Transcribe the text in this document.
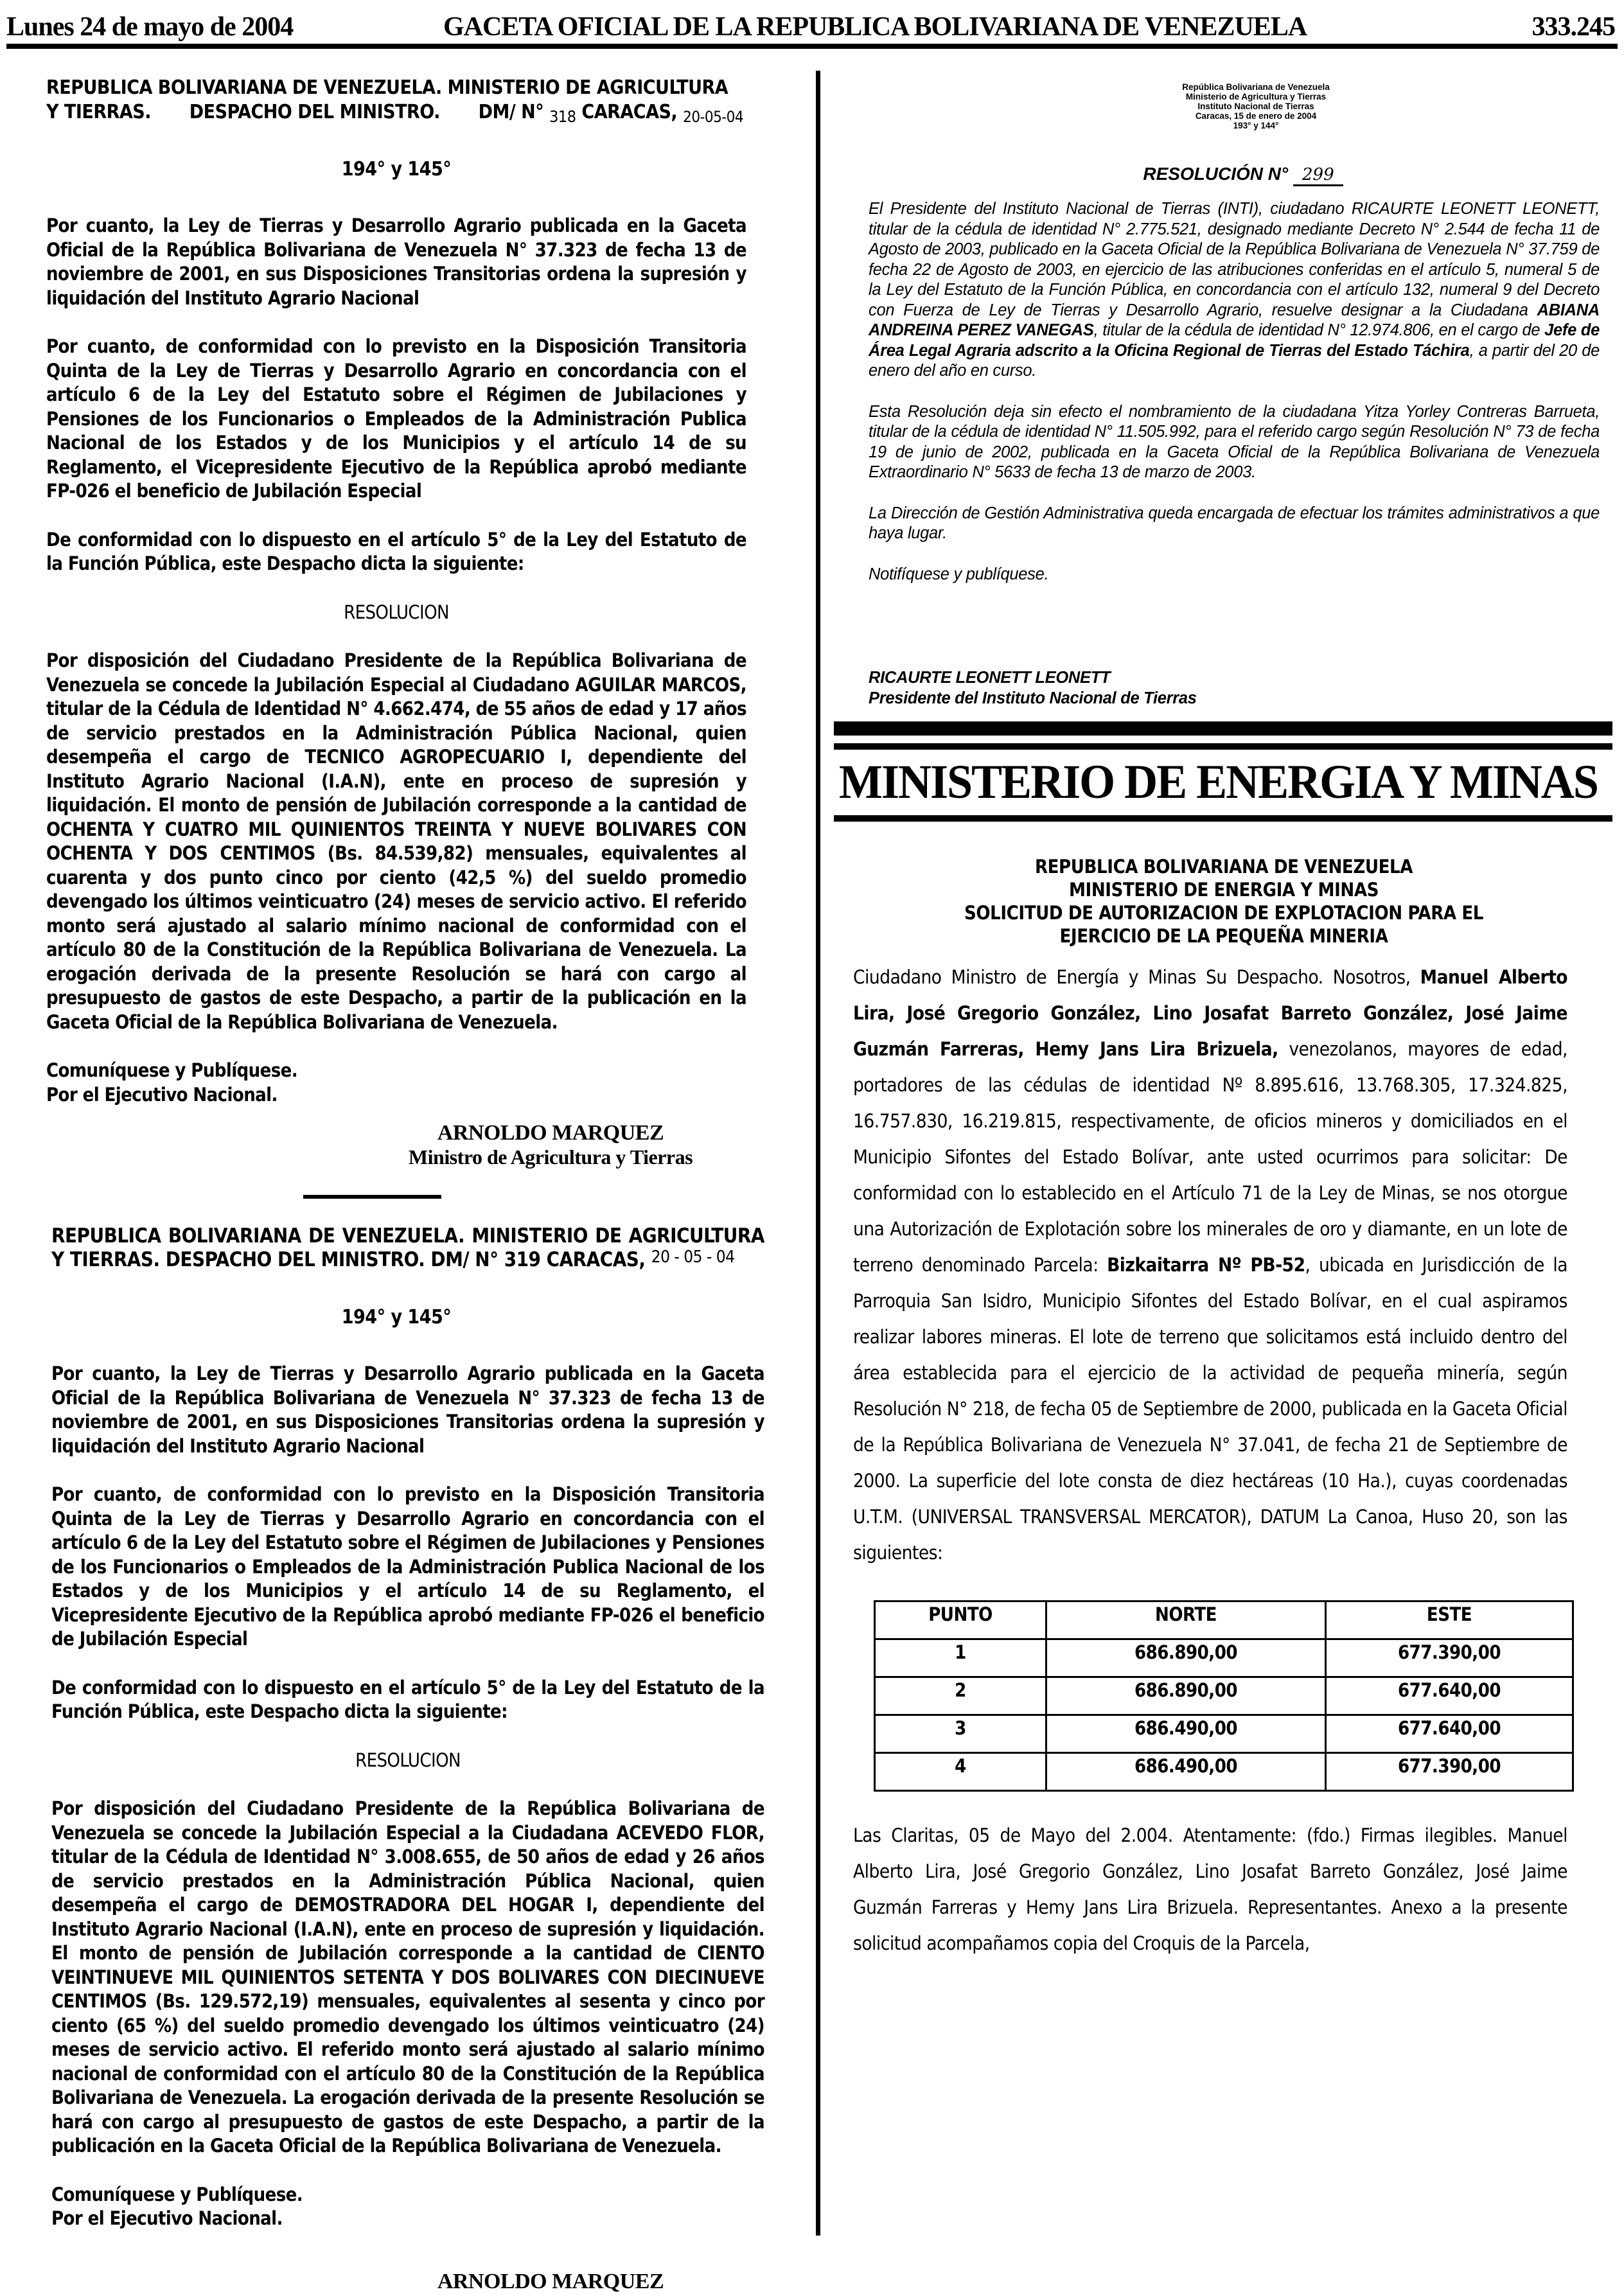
Lunes 24 de mayo de 2004	GACETA OFICIAL DE LA REPUBLICA BOLIVARIANA DE VENEZUELA	333.245
REPUBLICA BOLIVARIANA DE VENEZUELA. MINISTERIO DE AGRICULTURA
Y TIERRAS. DESPACHO DEL MINISTRO. DM/ N° $_{318}$ CARACAS, $_{20-05-04}$
194° y 145°

Por cuanto, la Ley de Tierras y Desarrollo Agrario publicada en la Gaceta Oficial de la República Bolivariana de Venezuela N° 37.323 de fecha 13 de noviembre de 2001, en sus Disposiciones Transitorias ordena la supresión y liquidación del Instituto Agrario Nacional

Por cuanto, de conformidad con lo previsto en la Disposición Transitoria Quinta de la Ley de Tierras y Desarrollo Agrario en concordancia con el artículo 6 de la Ley del Estatuto sobre el Régimen de Jubilaciones y Pensiones de los Funcionarios o Empleados de la Administración Publica Nacional de los Estados y de los Municipios y el artículo 14 de su Reglamento, el Vicepresidente Ejecutivo de la República aprobó mediante FP-026 el beneficio de Jubilación Especial

De conformidad con lo dispuesto en el artículo 5° de la Ley del Estatuto de la Función Pública, este Despacho dicta la siguiente:

RESOLUCION

Por disposición del Ciudadano Presidente de la República Bolivariana de Venezuela se concede la Jubilación Especial al Ciudadano AGUILAR MARCOS, titular de la Cédula de Identidad N° 4.662.474, de 55 años de edad y 17 años de servicio prestados en la Administración Pública Nacional, quien desempeña el cargo de TECNICO AGROPECUARIO I, dependiente del Instituto Agrario Nacional (I.A.N), ente en proceso de supresión y liquidación. El monto de pensión de Jubilación corresponde a la cantidad de OCHENTA Y CUATRO MIL QUINIENTOS TREINTA Y NUEVE BOLIVARES CON OCHENTA Y DOS CENTIMOS (Bs. 84.539,82) mensuales, equivalentes al cuarenta y dos punto cinco por ciento (42,5 %) del sueldo promedio devengado los últimos veinticuatro (24) meses de servicio activo. El referido monto será ajustado al salario mínimo nacional de conformidad con el artículo 80 de la Constitución de la República Bolivariana de Venezuela. La erogación derivada de la presente Resolución se hará con cargo al presupuesto de gastos de este Despacho, a partir de la publicación en la Gaceta Oficial de la República Bolivariana de Venezuela.

Comuníquese y Publíquese.

Por el Ejecutivo Nacional.

ARNOLDO MARQUEZ
Ministro de Agricultura y Tierras
REPUBLICA BOLIVARIANA DE VENEZUELA. MINISTERIO DE AGRICULTURA Y TIERRAS. DESPACHO DEL MINISTRO. DM/ N° 319 CARACAS, 20 - 05 - 04
194° y 145°

Por cuanto, la Ley de Tierras y Desarrollo Agrario publicada en la Gaceta Oficial de la República Bolivariana de Venezuela N° 37.323 de fecha 13 de noviembre de 2001, en sus Disposiciones Transitorias ordena la supresión y liquidación del Instituto Agrario Nacional

Por cuanto, de conformidad con lo previsto en la Disposición Transitoria Quinta de la Ley de Tierras y Desarrollo Agrario en concordancia con el artículo 6 de la Ley del Estatuto sobre el Régimen de Jubilaciones y Pensiones de los Funcionarios o Empleados de la Administración Publica Nacional de los Estados y de los Municipios y el artículo 14 de su Reglamento, el Vicepresidente Ejecutivo de la República aprobó mediante FP-026 el beneficio de Jubilación Especial

De conformidad con lo dispuesto en el artículo 5° de la Ley del Estatuto de la Función Pública, este Despacho dicta la siguiente:

RESOLUCION

Por disposición del Ciudadano Presidente de la República Bolivariana de Venezuela se concede la Jubilación Especial a la Ciudadana ACEVEDO FLOR, titular de la Cédula de Identidad N° 3.008.655, de 50 años de edad y 26 años de servicio prestados en la Administración Pública Nacional, quien desempeña el cargo de DEMOSTRADORA DEL HOGAR I, dependiente del Instituto Agrario Nacional (I.A.N), ente en proceso de supresión y liquidación. El monto de pensión de Jubilación corresponde a la cantidad de CIENTO VEINTINUEVE MIL QUINIENTOS SETENTA Y DOS BOLIVARES CON DIECINUEVE CENTIMOS (Bs. 129.572,19) mensuales, equivalentes al sesenta y cinco por ciento (65 %) del sueldo promedio devengado los últimos veinticuatro (24) meses de servicio activo. El referido monto será ajustado al salario mínimo nacional de conformidad con el artículo 80 de la Constitución de la República Bolivariana de Venezuela. La erogación derivada de la presente Resolución se hará con cargo al presupuesto de gastos de este Despacho, a partir de la publicación en la Gaceta Oficial de la República Bolivariana de Venezuela.

Comuníquese y Publíquese.

Por el Ejecutivo Nacional.

ARNOLDO MARQUEZ
República Bolivariana de Venezuela
Ministerio de Agricultura y Tierras
Instituto Nacional de Tierras
Caracas, 15 de enero de 2004
193° y 144°
RESOLUCIÓN N° 299

El Presidente del Instituto Nacional de Tierras (INTI), ciudadano RICAURTE LEONETT LEONETT, titular de la cédula de identidad N° 2.775.521, designado mediante Decreto N° 2.544 de fecha 11 de Agosto de 2003, publicado en la Gaceta Oficial de la República Bolivariana de Venezuela N° 37.759 de fecha 22 de Agosto de 2003, en ejercicio de las atribuciones conferidas en el artículo 5, numeral 5 de la Ley del Estatuto de la Función Pública, en concordancia con el artículo 132, numeral 9 del Decreto con Fuerza de Ley de Tierras y Desarrollo Agrario, resuelve designar a la Ciudadana ABIANA ANDREINA PEREZ VANEGAS, titular de la cédula de identidad N° 12.974.806, en el cargo de Jefe de Área Legal Agraria adscrito a la Oficina Regional de Tierras del Estado Táchira, a partir del 20 de enero del año en curso.

Esta Resolución deja sin efecto el nombramiento de la ciudadana Yitza Yorley Contreras Barrueta, titular de la cédula de identidad N° 11.505.992, para el referido cargo según Resolución N° 73 de fecha 19 de junio de 2002, publicada en la Gaceta Oficial de la República Bolivariana de Venezuela Extraordinario N° 5633 de fecha 13 de marzo de 2003.

La Dirección de Gestión Administrativa queda encargada de efectuar los trámites administrativos a que haya lugar.

Notifíquese y publíquese.

RICAURTE LEONETT LEONETT

Presidente del Instituto Nacional de Tierras

MINISTERIO DE ENERGIA Y MINAS
REPUBLICA BOLIVARIANA DE VENEZUELA
MINISTERIO DE ENERGIA Y MINAS
SOLICITUD DE AUTORIZACION DE EXPLOTACION PARA EL
EJERCICIO DE LA PEQUEÑA MINERIA

Ciudadano Ministro de Energía y Minas Su Despacho. Nosotros, Manuel Alberto Lira, José Gregorio González, Lino Josafat Barreto González, José Jaime Guzmán Farreras, Hemy Jans Lira Brizuela, venezolanos, mayores de edad, portadores de las cédulas de identidad Nº 8.895.616, 13.768.305, 17.324.825, 16.757.830, 16.219.815, respectivamente, de oficios mineros y domiciliados en el Municipio Sifontes del Estado Bolívar, ante usted ocurrimos para solicitar: De conformidad con lo establecido en el Artículo 71 de la Ley de Minas, se nos otorgue una Autorización de Explotación sobre los minerales de oro y diamante, en un lote de terreno denominado Parcela: Bizkaitarra Nº PB-52, ubicada en Jurisdicción de la Parroquia San Isidro, Municipio Sifontes del Estado Bolívar, en el cual aspiramos realizar labores mineras. El lote de terreno que solicitamos está incluido dentro del área establecida para el ejercicio de la actividad de pequeña minería, según Resolución N° 218, de fecha 05 de Septiembre de 2000, publicada en la Gaceta Oficial de la República Bolivariana de Venezuela N° 37.041, de fecha 21 de Septiembre de 2000. La superficie del lote consta de diez hectáreas (10 Ha.), cuyas coordenadas U.T.M. (UNIVERSAL TRANSVERSAL MERCATOR), DATUM La Canoa, Huso 20, son las siguientes:

PUNTO	NORTE	ESTE
1	686.890,00	677.390,00
2	686.890,00	677.640,00
3	686.490,00	677.640,00
4	686.490,00	677.390,00

Las Claritas, 05 de Mayo del 2.004. Atentamente: (fdo.) Firmas ilegibles. Manuel Alberto Lira, José Gregorio González, Lino Josafat Barreto González, José Jaime Guzmán Farreras y Hemy Jans Lira Brizuela. Representantes. Anexo a la presente solicitud acompañamos copia del Croquis de la Parcela,
